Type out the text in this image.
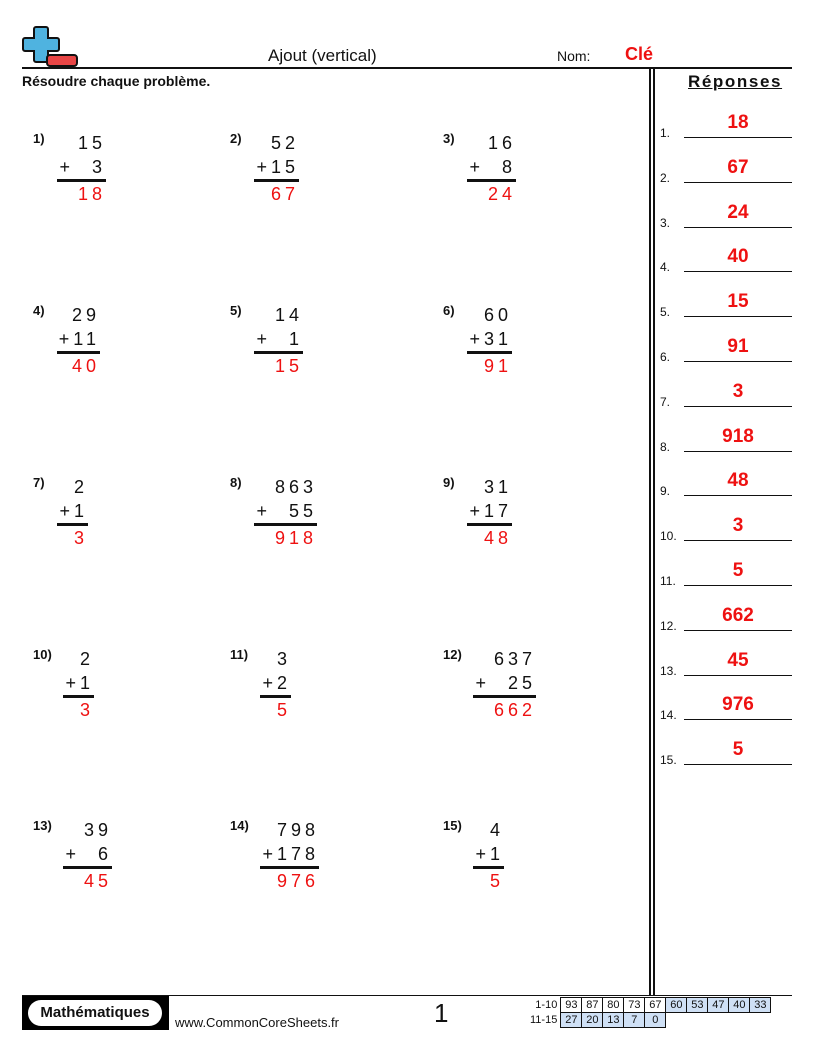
Ajout (vertical)	Nom: Clé
Résoudre chaque problème.	Réponses
1)	15
+  3
18
2)	52
+15
67
3)	16
+  8
24
4)	29
+11
40
5)	14
+  1
15
6)	60
+31
91
7)	2
+1
3
8)	863
+  55
918
9)	31
+17
48
10)	2
+1
3
11)	3
+2
5
12)	637
+  25
662
13)	39
+  6
45
14)	798
+178
976
15)	4
+1
5
1.	18
2.	67
3.	24
4.	40
5.	15
6.	91
7.	3
8.	918
9.	48
10.	3
11.	5
12.	662
13.	45
14.	976
15.	5
Mathématiques
www.CommonCoreSheets.fr	1	1-10	93	87	80	73	67	60	53	47	40	33
11-15	27	20	13	7	0					
